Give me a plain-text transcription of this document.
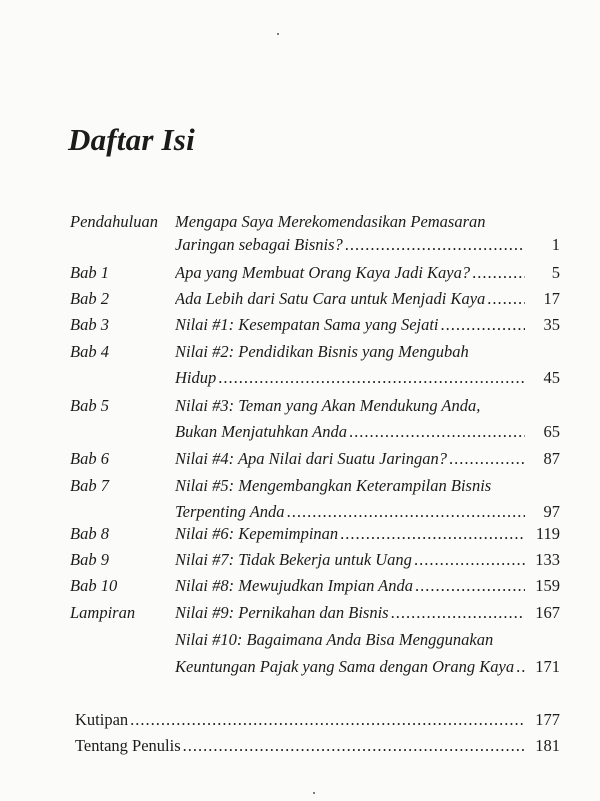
Daftar Isi
Pendahuluan	Mengapa Saya Merekomendasikan Pemasaran
Jaringan sebagai Bisnis? .....	1
Bab 1	Apa yang Membuat Orang Kaya Jadi Kaya? .....	5
Bab 2	Ada Lebih dari Satu Cara untuk Menjadi Kaya .....	17
Bab 3	Nilai #1: Kesempatan Sama yang Sejati .....	35
Bab 4	Nilai #2: Pendidikan Bisnis yang Mengubah
Hidup .....	45
Bab 5	Nilai #3: Teman yang Akan Mendukung Anda,
Bukan Menjatuhkan Anda .....	65
Bab 6	Nilai #4: Apa Nilai dari Suatu Jaringan? .....	87
Bab 7	Nilai #5: Mengembangkan Keterampilan Bisnis
Terpenting Anda .....	97
Bab 8	Nilai #6: Kepemimpinan .....	119
Bab 9	Nilai #7: Tidak Bekerja untuk Uang .....	133
Bab 10	Nilai #8: Mewujudkan Impian Anda .....	159
Lampiran	Nilai #9: Pernikahan dan Bisnis .....	167
Nilai #10: Bagaimana Anda Bisa Menggunakan
Keuntungan Pajak yang Sama dengan Orang Kaya .....	171
Kutipan .....	177
Tentang Penulis .....	181
